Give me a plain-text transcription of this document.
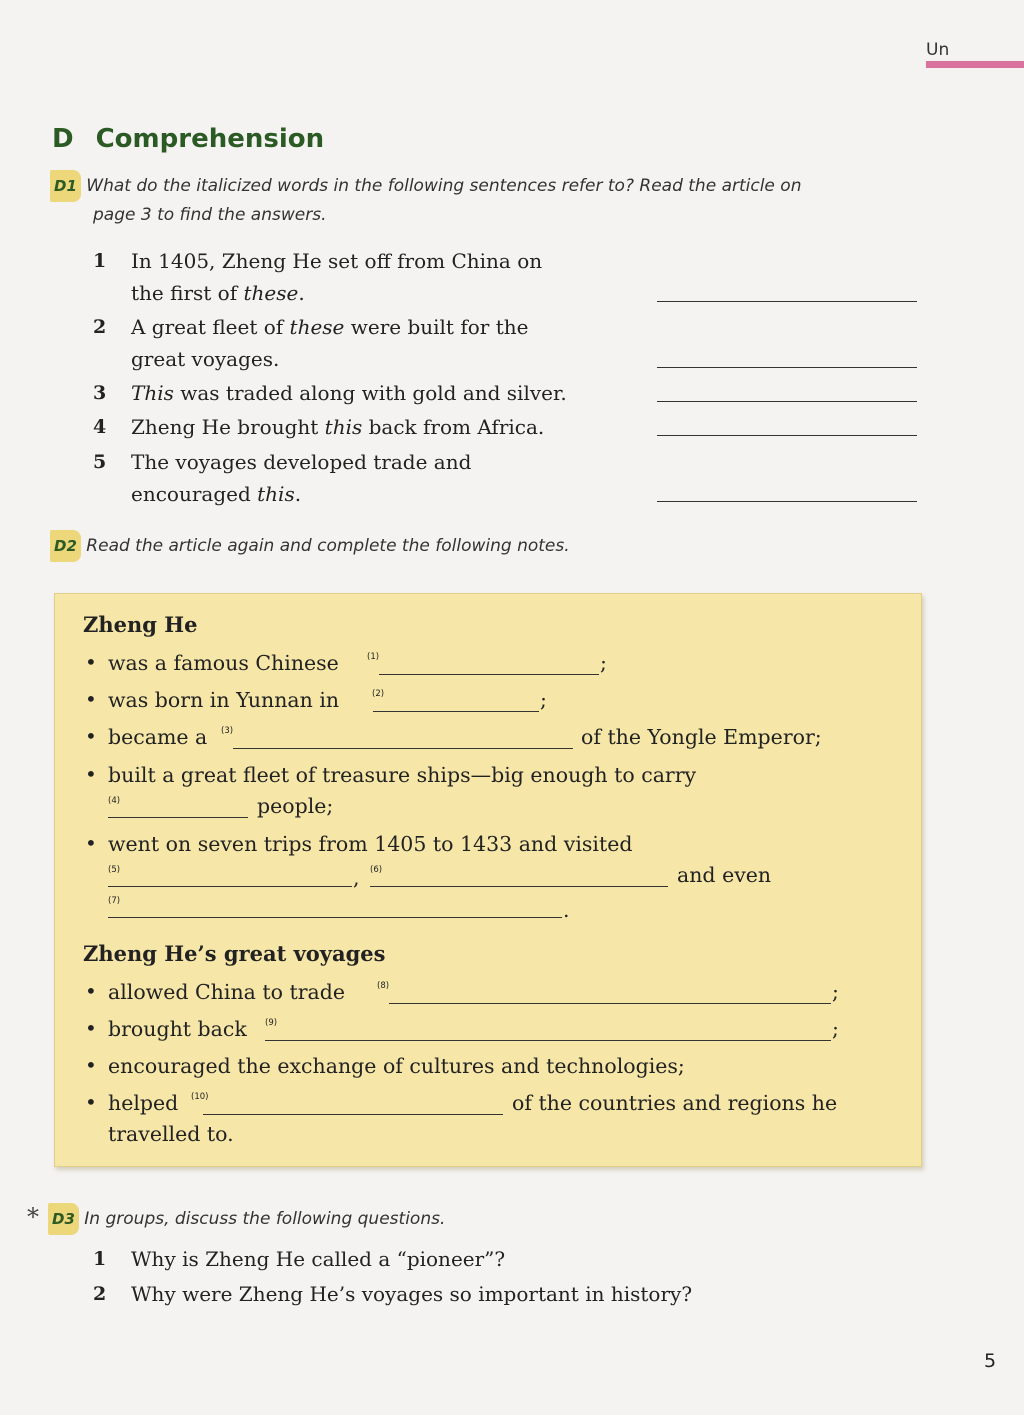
Un
D Comprehension
D1 What do the italicized words in the following sentences refer to? Read the article on
page 3 to find the answers.
1 In 1405, Zheng He set off from China on
the first of these.
2 A great fleet of these were built for the
great voyages.
3 This was traded along with gold and silver.
4 Zheng He brought this back from Africa.
5 The voyages developed trade and
encouraged this.
D2 Read the article again and complete the following notes.
Zheng He
• was a famous Chinese	(1)	;
• was born in Yunnan in	(2)	;
• became a (3)	of the Yongle Emperor;
• built a great fleet of treasure ships—big enough to carry
(4)	people;
• went on seven trips from 1405 to 1433 and visited
(5)	, (6)	and even
(7)	.
Zheng He’s great voyages
• allowed China to trade	(8)	;
• brought back (9)	;
• encouraged the exchange of cultures and technologies;
• helped (10)	of the countries and regions he
travelled to.
* D3 In groups, discuss the following questions.
1 Why is Zheng He called a “pioneer”?
2 Why were Zheng He’s voyages so important in history?
5
